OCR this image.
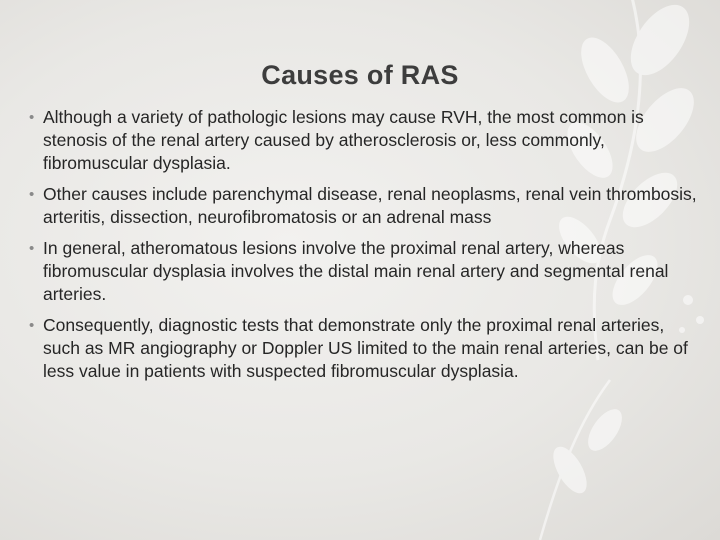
Causes of RAS
• Although a variety of pathologic lesions may cause RVH, the most common is stenosis of the renal artery caused by atherosclerosis or, less commonly, fibromuscular dysplasia.
• Other causes include parenchymal disease, renal neoplasms, renal vein thrombosis, arteritis, dissection, neurofibromatosis or an adrenal mass
• In general, atheromatous lesions involve the proximal renal artery, whereas fibromuscular dysplasia involves the distal main renal artery and segmental renal arteries.
• Consequently, diagnostic tests that demonstrate only the proximal renal arteries, such as MR angiography or Doppler US limited to the main renal arteries, can be of less value in patients with suspected fibromuscular dysplasia.
